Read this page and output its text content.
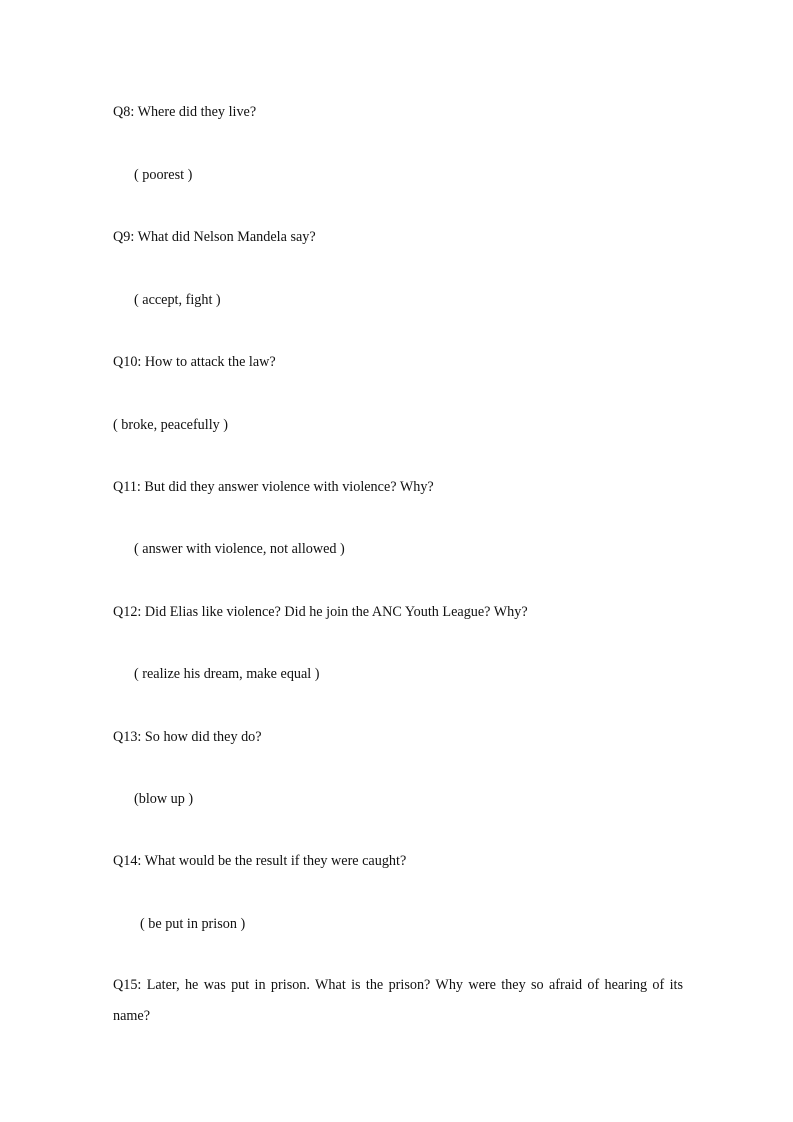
Q8: Where did they live?
( poorest )
Q9: What did Nelson Mandela say?
( accept, fight )
Q10: How to attack the law?
( broke, peacefully )
Q11: But did they answer violence with violence? Why?
( answer with violence, not allowed )
Q12: Did Elias like violence? Did he join the ANC Youth League? Why?
( realize his dream, make equal )
Q13: So how did they do?
(blow up )
Q14: What would be the result if they were caught?
( be put in prison )
Q15: Later, he was put in prison. What is the prison? Why were they so afraid of hearing of its name?
